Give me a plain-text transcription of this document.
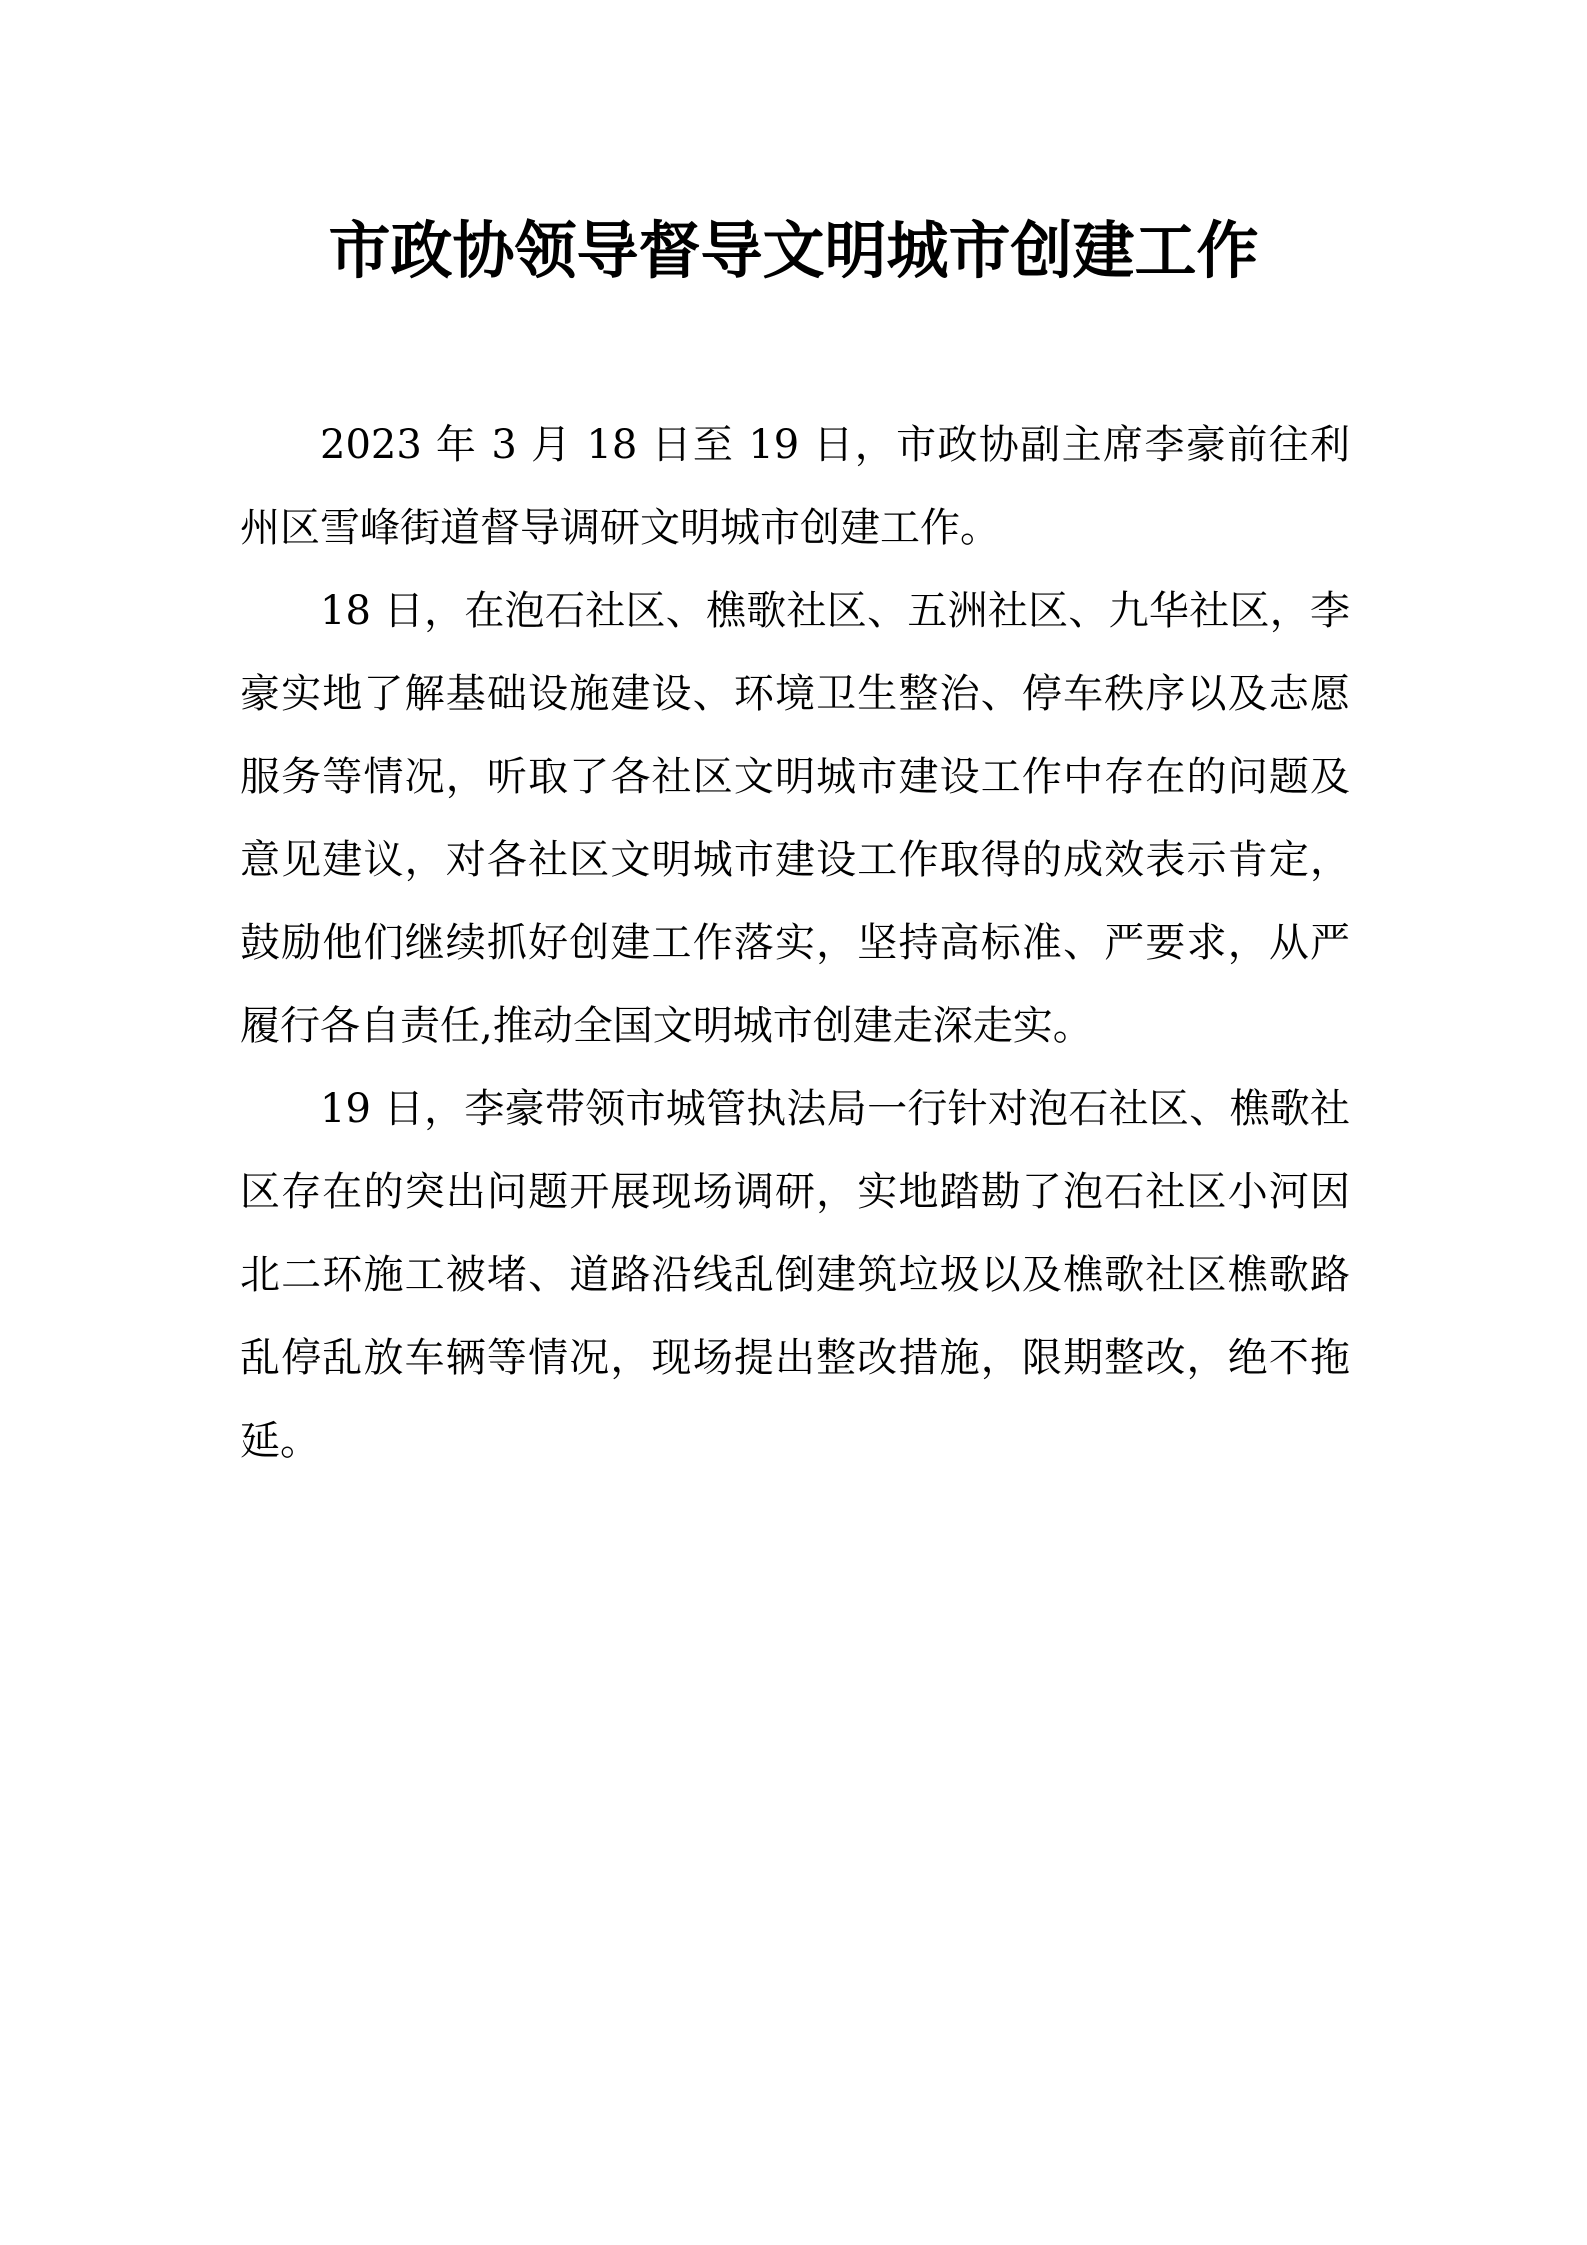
市政协领导督导文明城市创建工作

2023 年 3 月 18 日至 19 日，市政协副主席李豪前往利州区雪峰街道督导调研文明城市创建工作。

18 日，在泡石社区、樵歌社区、五洲社区、九华社区，李豪实地了解基础设施建设、环境卫生整治、停车秩序以及志愿服务等情况，听取了各社区文明城市建设工作中存在的问题及意见建议，对各社区文明城市建设工作取得的成效表示肯定，鼓励他们继续抓好创建工作落实，坚持高标准、严要求，从严履行各自责任,推动全国文明城市创建走深走实。

19 日，李豪带领市城管执法局一行针对泡石社区、樵歌社区存在的突出问题开展现场调研，实地踏勘了泡石社区小河因北二环施工被堵、道路沿线乱倒建筑垃圾以及樵歌社区樵歌路乱停乱放车辆等情况，现场提出整改措施，限期整改，绝不拖延。
